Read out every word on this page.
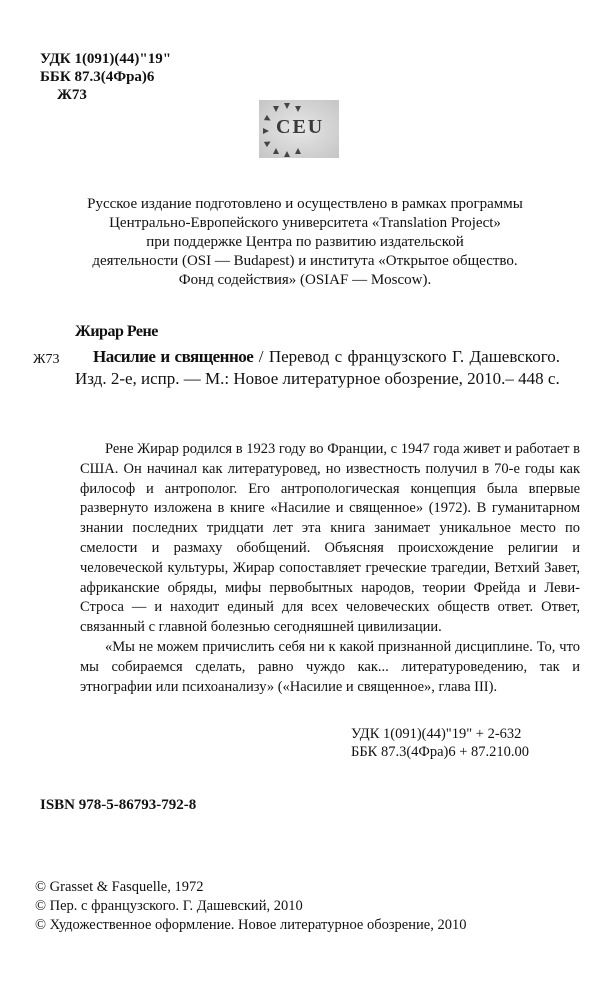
УДК 1(091)(44)"19"
ББК 87.3(4Фра)6
Ж73
CEU
Русское издание подготовлено и осуществлено в рамках программы
Центрально-Европейского университета «Translation Project»
при поддержке Центра по развитию издательской
деятельности (OSI — Budapest) и института «Открытое общество.
Фонд содействия» (OSIAF — Moscow).
Жирар Рене
Ж73	Насилие и священное / Перевод с французского Г. Дашевского. Изд. 2-е, испр. — М.: Новое литературное обозрение, 2010.– 448 с.

Рене Жирар родился в 1923 году во Франции, с 1947 года живет и работает в США. Он начинал как литературовед, но известность получил в 70-е годы как философ и антрополог. Его антропологическая концепция была впервые развернуто изложена в книге «Насилие и священное» (1972). В гуманитарном знании последних тридцати лет эта книга занимает уникальное место по смелости и размаху обобщений. Объясняя происхождение религии и человеческой культуры, Жирар сопоставляет греческие трагедии, Ветхий Завет, африканские обряды, мифы первобытных народов, теории Фрейда и Леви-Строса — и находит единый для всех человеческих обществ ответ. Ответ, связанный с главной болезнью сегодняшней цивилизации.

«Мы не можем причислить себя ни к какой признанной дисциплине. То, что мы собираемся сделать, равно чуждо как... литературоведению, так и этнографии или психоанализу» («Насилие и священное», глава III).

УДК 1(091)(44)"19" + 2-632
ББК 87.3(4Фра)6 + 87.210.00
ISBN 978-5-86793-792-8
© Grasset & Fasquelle, 1972
© Пер. с французского. Г. Дашевский, 2010
© Художественное оформление. Новое литературное обозрение, 2010
